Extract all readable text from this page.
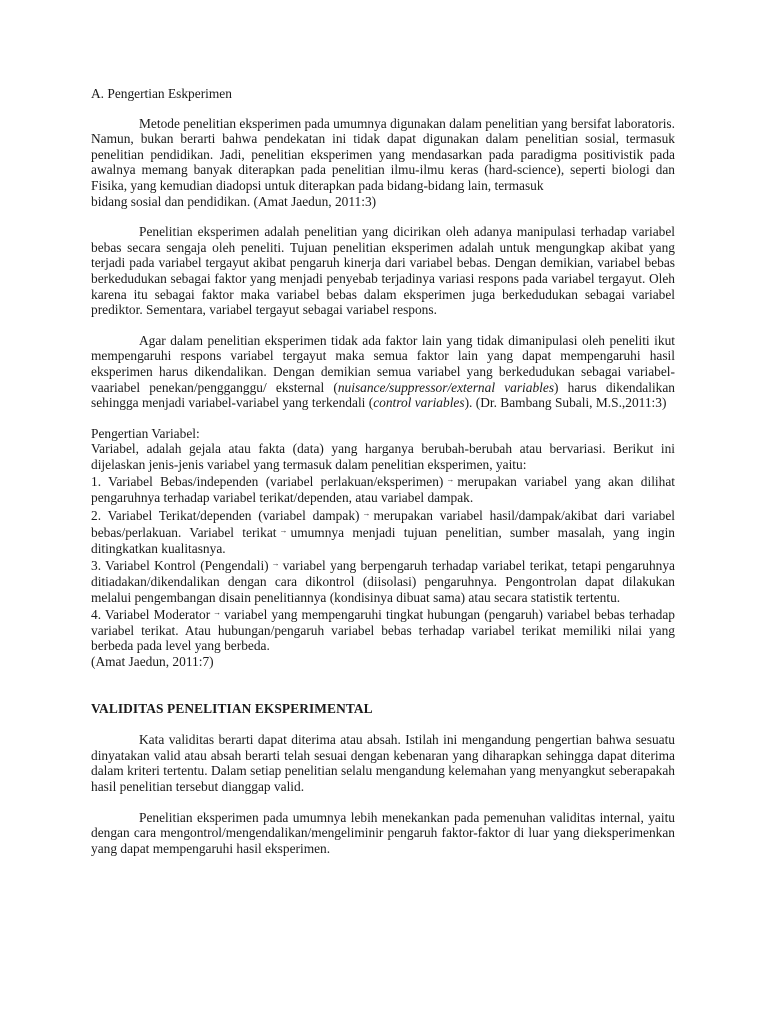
A. Pengertian Eskperimen

Metode penelitian eksperimen pada umumnya digunakan dalam penelitian yang bersifat laboratoris. Namun, bukan berarti bahwa pendekatan ini tidak dapat digunakan dalam penelitian sosial, termasuk penelitian pendidikan. Jadi, penelitian eksperimen yang mendasarkan pada paradigma positivistik pada awalnya memang banyak diterapkan pada penelitian ilmu-ilmu keras (hard-science), seperti biologi dan Fisika, yang kemudian diadopsi untuk diterapkan pada bidang-bidang lain, termasuk

bidang sosial dan pendidikan. (Amat Jaedun, 2011:3)

Penelitian eksperimen adalah penelitian yang dicirikan oleh adanya manipulasi terhadap variabel bebas secara sengaja oleh peneliti. Tujuan penelitian eksperimen adalah untuk mengungkap akibat yang terjadi pada variabel tergayut akibat pengaruh kinerja dari variabel bebas. Dengan demikian, variabel bebas berkedudukan sebagai faktor yang menjadi penyebab terjadinya variasi respons pada variabel tergayut. Oleh karena itu sebagai faktor maka variabel bebas dalam eksperimen juga berkedudukan sebagai variabel prediktor. Sementara, variabel tergayut sebagai variabel respons.

Agar dalam penelitian eksperimen tidak ada faktor lain yang tidak dimanipulasi oleh peneliti ikut mempengaruhi respons variabel tergayut maka semua faktor lain yang dapat mempengaruhi hasil eksperimen harus dikendalikan. Dengan demikian semua variabel yang berkedudukan sebagai variabel-vaariabel penekan/pengganggu/ eksternal (nuisance/suppressor/external variables) harus dikendalikan sehingga menjadi variabel-variabel yang terkendali (control variables). (Dr. Bambang Subali, M.S.,2011:3)

Pengertian Variabel:
Variabel, adalah gejala atau fakta (data) yang harganya berubah-berubah atau bervariasi. Berikut ini dijelaskan jenis-jenis variabel yang termasuk dalam penelitian eksperimen, yaitu:
1. Variabel Bebas/independen (variabel perlakuan/eksperimen) → merupakan variabel yang akan dilihat pengaruhnya terhadap variabel terikat/dependen, atau variabel dampak.
2. Variabel Terikat/dependen (variabel dampak) → merupakan variabel hasil/dampak/akibat dari variabel bebas/perlakuan. Variabel terikat → umumnya menjadi tujuan penelitian, sumber masalah, yang ingin ditingkatkan kualitasnya.
3. Variabel Kontrol (Pengendali) → variabel yang berpengaruh terhadap variabel terikat, tetapi pengaruhnya ditiadakan/dikendalikan dengan cara dikontrol (diisolasi) pengaruhnya. Pengontrolan dapat dilakukan melalui pengembangan disain penelitiannya (kondisinya dibuat sama) atau secara statistik tertentu.
4. Variabel Moderator → variabel yang mempengaruhi tingkat hubungan (pengaruh) variabel bebas terhadap variabel terikat. Atau hubungan/pengaruh variabel bebas terhadap variabel terikat memiliki nilai yang berbeda pada level yang berbeda.
(Amat Jaedun, 2011:7)
VALIDITAS PENELITIAN EKSPERIMENTAL

Kata validitas berarti dapat diterima atau absah. Istilah ini mengandung pengertian bahwa sesuatu dinyatakan valid atau absah berarti telah sesuai dengan kebenaran yang diharapkan sehingga dapat diterima dalam kriteri tertentu. Dalam setiap penelitian selalu mengandung kelemahan yang menyangkut seberapakah hasil penelitian tersebut dianggap valid.

Penelitian eksperimen pada umumnya lebih menekankan pada pemenuhan validitas internal, yaitu dengan cara mengontrol/mengendalikan/mengeliminir pengaruh faktor-faktor di luar yang dieksperimenkan yang dapat mempengaruhi hasil eksperimen.
